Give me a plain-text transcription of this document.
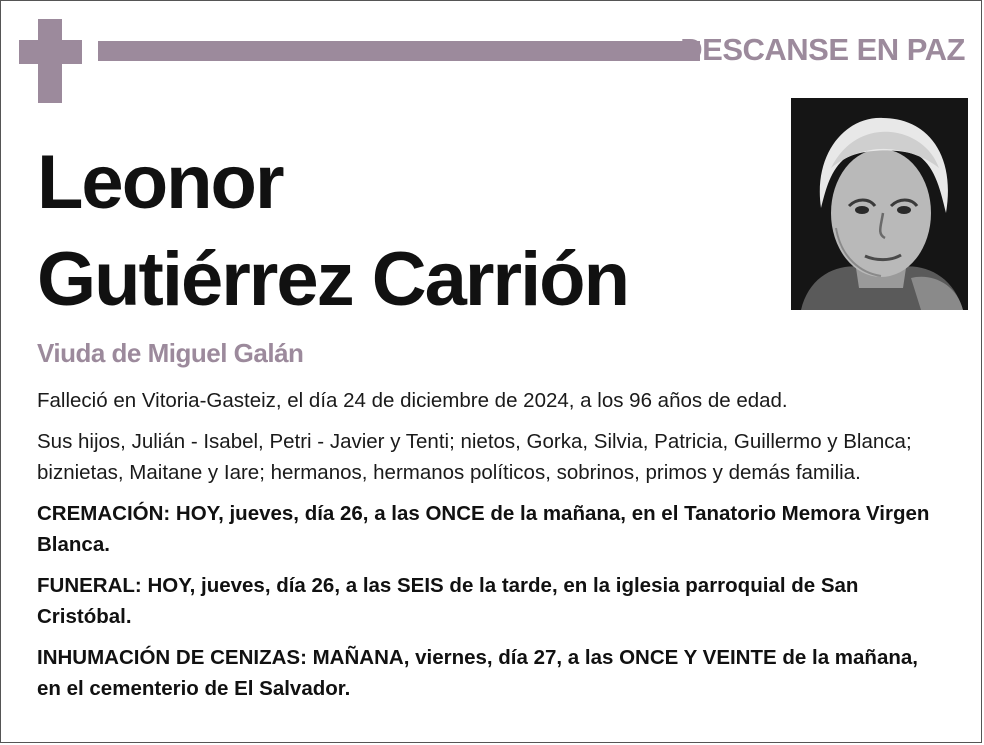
DESCANSE EN PAZ
Leonor
Gutiérrez Carrión
Viuda de Miguel Galán

Falleció en Vitoria-Gasteiz, el día 24 de diciembre de 2024, a los 96 años de edad.

Sus hijos, Julián - Isabel, Petri - Javier y Tenti; nietos, Gorka, Silvia, Patricia, Guillermo y Blanca; biznietas, Maitane y Iare; hermanos, hermanos políticos, sobrinos, primos y demás familia.

CREMACIÓN: HOY, jueves, día 26, a las ONCE de la mañana, en el Tanatorio Memora Virgen Blanca.

FUNERAL: HOY, jueves, día 26, a las SEIS de la tarde, en la iglesia parroquial de San Cristóbal.

INHUMACIÓN DE CENIZAS: MAÑANA, viernes, día 27, a las ONCE Y VEINTE de la mañana, en el cementerio de El Salvador.
